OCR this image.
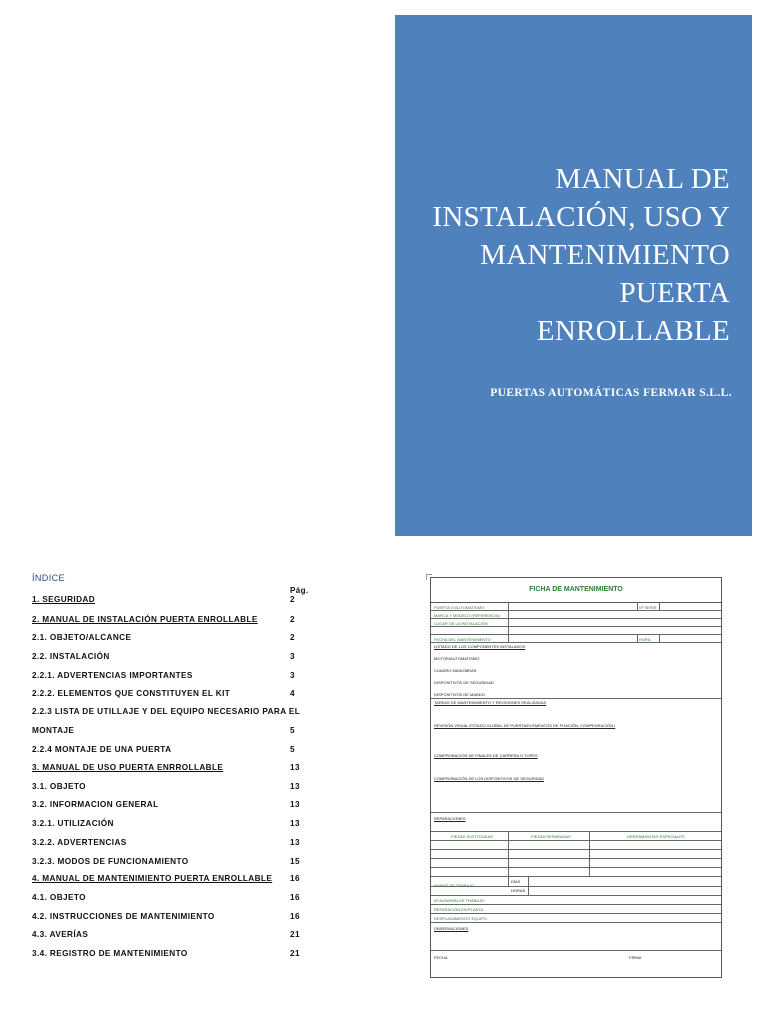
MANUAL DE
INSTALACIÓN, USO Y
MANTENIMIENTO
PUERTA
ENROLLABLE
PUERTAS AUTOMÁTICAS FERMAR S.L.L.
ÍNDICE
Pág.
1. SEGURIDAD	2
2. MANUAL DE INSTALACIÓN PUERTA ENROLLABLE	2
2.1. OBJETO/ALCANCE	2
2.2. INSTALACIÓN	3
2.2.1. ADVERTENCIAS IMPORTANTES	3
2.2.2. ELEMENTOS QUE CONSTITUYEN EL KIT	4
2.2.3 LISTA DE UTILLAJE Y DEL EQUIPO NECESARIO PARA EL
MONTAJE	5
2.2.4 MONTAJE DE UNA PUERTA	5
3. MANUAL DE USO PUERTA ENRROLLABLE	13
3.1. OBJETO	13
3.2. INFORMACION GENERAL	13
3.2.1. UTILIZACIÓN	13
3.2.2. ADVERTENCIAS	13
3.2.3. MODOS DE FUNCIONAMIENTO	15
4. MANUAL DE MANTENIMIENTO PUERTA ENROLLABLE	16
4.1. OBJETO	16
4.2. INSTRUCCIONES DE MANTENIMIENTO	16
4.3. AVERÍAS	21
3.4. REGISTRO DE MANTENIMIENTO	21
FICHA DE MANTENIMIENTO
PUERTA O AUTOMATISMO	Nº SERIE
MARCA Y MODELO (REFERENCIA)
LUGAR DE LA INSTALACIÓN
FECHA DEL MANTENIMIENTO	HORA
LISTADO DE LOS COMPONENTES INSTALADOS
MOTOR/AUTOMATISMO
CUADRO MANIOBRAS
DISPOSITIVOS DE SEGURIDAD
DISPOSITIVOS DE MANDO
TAREAS DE MANTENIMIENTO Y REVISIONES REALIZADAS
REVISIÓN VISUAL ESTADO GLOBAL DE PUERTA/ELEMENTOS DE FIJACIÓN, COMPENSACIÓN I
COMPROBACIÓN DE FINALES DE CARRERA O TOPES
COMPROBACIÓN DE LOS DISPOSITIVOS DE SEGURIDAD
REPARACIONES
PIEZAS SUSTITUIDAS	PIEZAS REPARADAS	HERRAMIENTAS ESPECIALES
HORAS DE TRABAJO
DÍAS
HORAS
Nº ALBARÁN DE TRABAJO
REPARACIÓN EN PLANTA
DESPLAZAMIENTO EQUIPO
OBSERVACIONES
FECHA	FIRMA
